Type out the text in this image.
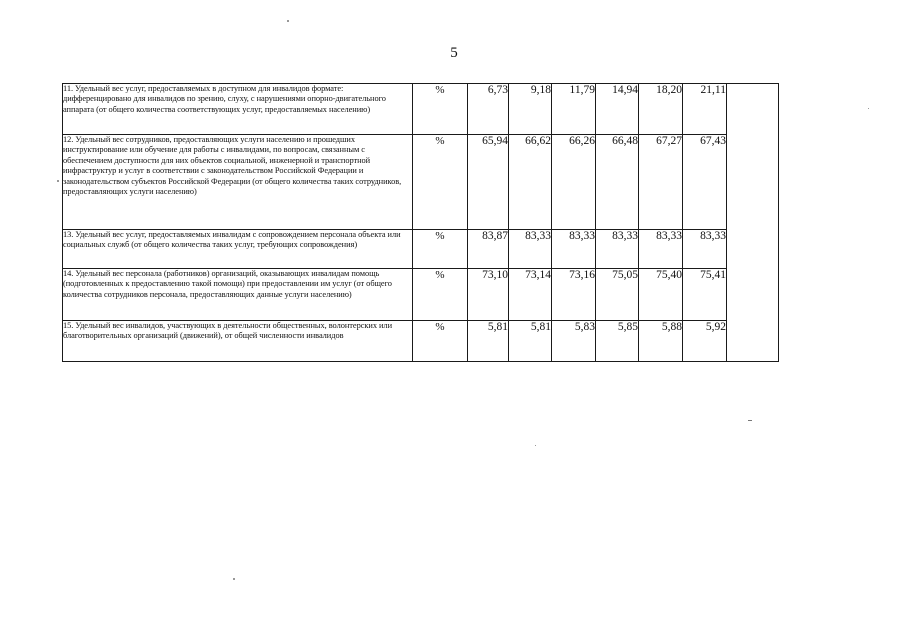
5
11. Удельный вес услуг, предоставляемых в доступном для инвалидов формате: дифференцировано для инвалидов по зрению, слуху, с нарушениями опорно-двигательного аппарата (от общего количества соответствующих услуг, предоставляемых населению)	%	6,73	9,18	11,79	14,94	18,20	21,11	
12. Удельный вес сотрудников, предоставляющих услуги населению и прошедших инструктирование или обучение для работы с инвалидами, по вопросам, связанным с обеспечением доступности для них объектов социальной, инженерной и транспортной инфраструктур и услуг в соответствии с законодательством Российской Федерации и законодательством субъектов Российской Федерации (от общего количества таких сотрудников, предоставляющих услуги населению)	%	65,94	66,62	66,26	66,48	67,27	67,43	
13. Удельный вес услуг, предоставляемых инвалидам с сопровождением персонала объекта или социальных служб (от общего количества таких услуг, требующих сопровождения)	%	83,87	83,33	83,33	83,33	83,33	83,33	
14. Удельный вес персонала (работников) организаций, оказывающих инвалидам помощь (подготовленных к предоставлению такой помощи) при предоставлении им услуг (от общего количества сотрудников персонала, предоставляющих данные услуги населению)	%	73,10	73,14	73,16	75,05	75,40	75,41	
15. Удельный вес инвалидов, участвующих в деятельности общественных, волонтерских или благотворительных организаций (движений), от общей численности инвалидов	%	5,81	5,81	5,83	5,85	5,88	5,92	
